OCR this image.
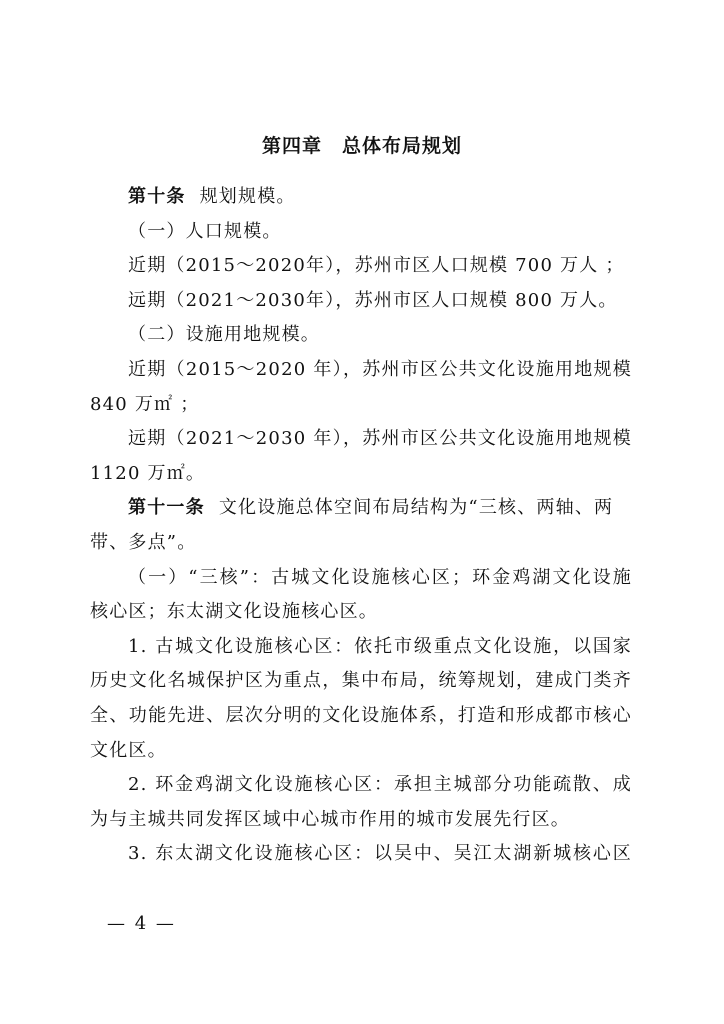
第四章　总体布局规划

第十条 规划规模。

（一）人口规模。

近期（2015～2020年），苏州市区人口规模 700 万人 ；

远期（2021～2030年），苏州市区人口规模 800 万人。

（二）设施用地规模。

近期（2015～2020 年），苏州市区公共文化设施用地规模

840 万㎡ ；

远期（2021～2030 年），苏州市区公共文化设施用地规模

1120 万㎡。

第十一条 文化设施总体空间布局结构为“三核、两轴、两

带、多点”。

（一）“三核”：古城文化设施核心区；环金鸡湖文化设施

核心区；东太湖文化设施核心区。

1. 古城文化设施核心区：依托市级重点文化设施，以国家

历史文化名城保护区为重点，集中布局，统筹规划，建成门类齐

全、功能先进、层次分明的文化设施体系，打造和形成都市核心

文化区。

2. 环金鸡湖文化设施核心区：承担主城部分功能疏散、成

为与主城共同发挥区域中心城市作用的城市发展先行区。

3. 东太湖文化设施核心区：以吴中、吴江太湖新城核心区

— 4 —
